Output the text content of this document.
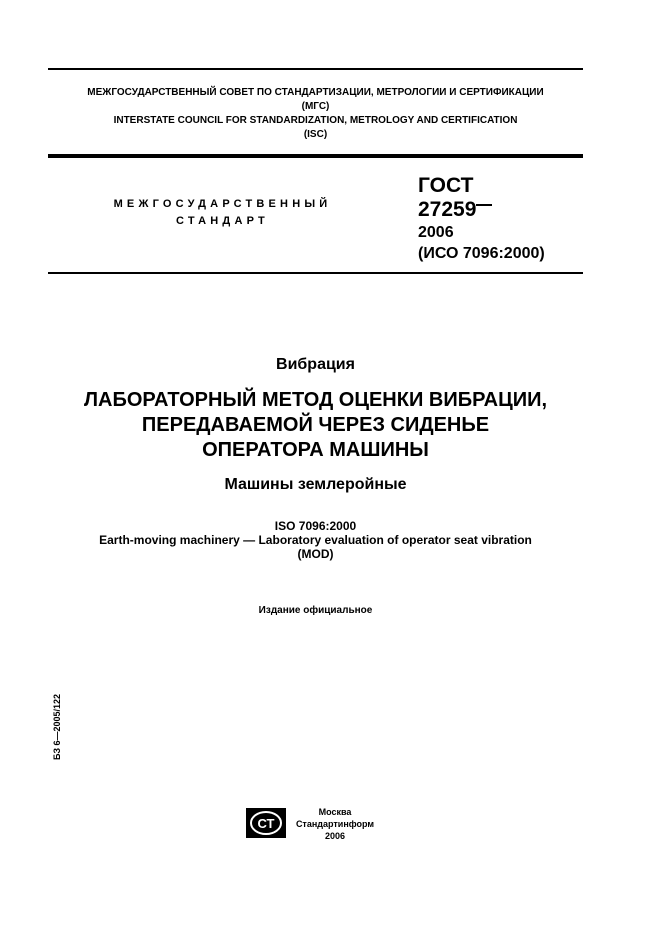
МЕЖГОСУДАРСТВЕННЫЙ СОВЕТ ПО СТАНДАРТИЗАЦИИ, МЕТРОЛОГИИ И СЕРТИФИКАЦИИ
(МГС)
INTERSTATE COUNCIL FOR STANDARDIZATION, METROLOGY AND CERTIFICATION
(ISC)
МЕЖГОСУДАРСТВЕННЫЙ
СТАНДАРТ
ГОСТ
27259
2006
(ИСО 7096:2000)
Вибрация
ЛАБОРАТОРНЫЙ МЕТОД ОЦЕНКИ ВИБРАЦИИ,
ПЕРЕДАВАЕМОЙ ЧЕРЕЗ СИДЕНЬЕ
ОПЕРАТОРА МАШИНЫ
Машины землеройные
ISO 7096:2000
Earth-moving machinery — Laboratory evaluation of operator seat vibration
(MOD)
Издание официальное
БЗ 6—2005/122
СТ
Москва
Стандартинформ
2006
